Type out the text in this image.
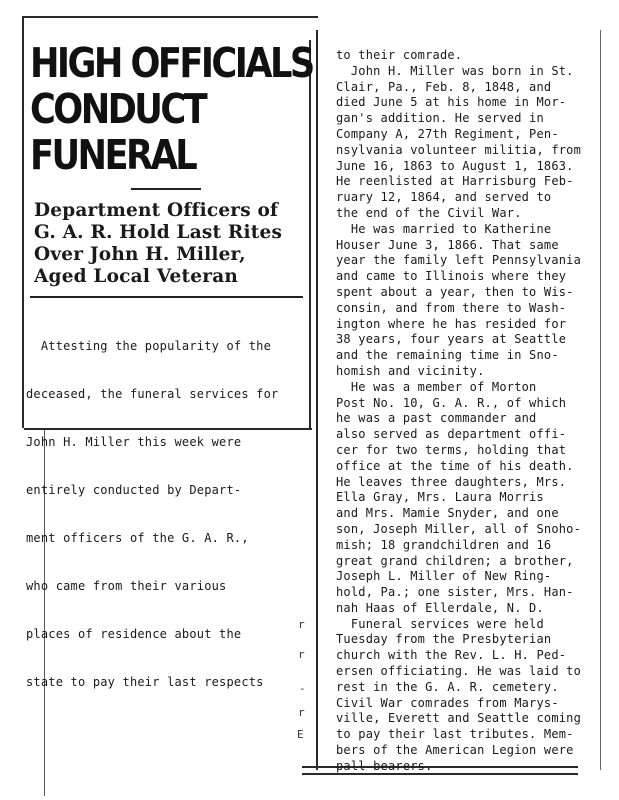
HIGH OFFICIALS
CONDUCT FUNERAL
Department Officers of
G. A. R. Hold Last Rites
Over John H. Miller,
Aged Local Veteran

Attesting the popularity of the

deceased, the funeral services for

John H. Miller this week were

entirely conducted by Depart-

ment officers of the G. A. R.,

who came from their various

places of residence about the

state to pay their last respects

to their comrade.
John H. Miller was born in St.
Clair, Pa., Feb. 8, 1848, and
died June 5 at his home in Mor-
gan's addition. He served in
Company A, 27th Regiment, Pen-
nsylvania volunteer militia, from
June 16, 1863 to August 1, 1863.
He reenlisted at Harrisburg Feb-
ruary 12, 1864, and served to
the end of the Civil War.
He was married to Katherine
Houser June 3, 1866. That same
year the family left Pennsylvania
and came to Illinois where they
spent about a year, then to Wis-
consin, and from there to Wash-
ington where he has resided for
38 years, four years at Seattle
and the remaining time in Sno-
homish and vicinity.
He was a member of Morton
Post No. 10, G. A. R., of which
he was a past commander and
also served as department offi-
cer for two terms, holding that
office at the time of his death.
He leaves three daughters, Mrs.
Ella Gray, Mrs. Laura Morris
and Mrs. Mamie Snyder, and one
son, Joseph Miller, all of Snoho-
mish; 18 grandchildren and 16
great grand children; a brother,
Joseph L. Miller of New Ring-
hold, Pa.; one sister, Mrs. Han-
nah Haas of Ellerdale, N. D.
Funeral services were held
Tuesday from the Presbyterian
church with the Rev. L. H. Ped-
ersen officiating. He was laid to
rest in the G. A. R. cemetery.
Civil War comrades from Marys-
ville, Everett and Seattle coming
to pay their last tributes. Mem-
bers of the American Legion were
pall bearers.
r
r
-
r
E
